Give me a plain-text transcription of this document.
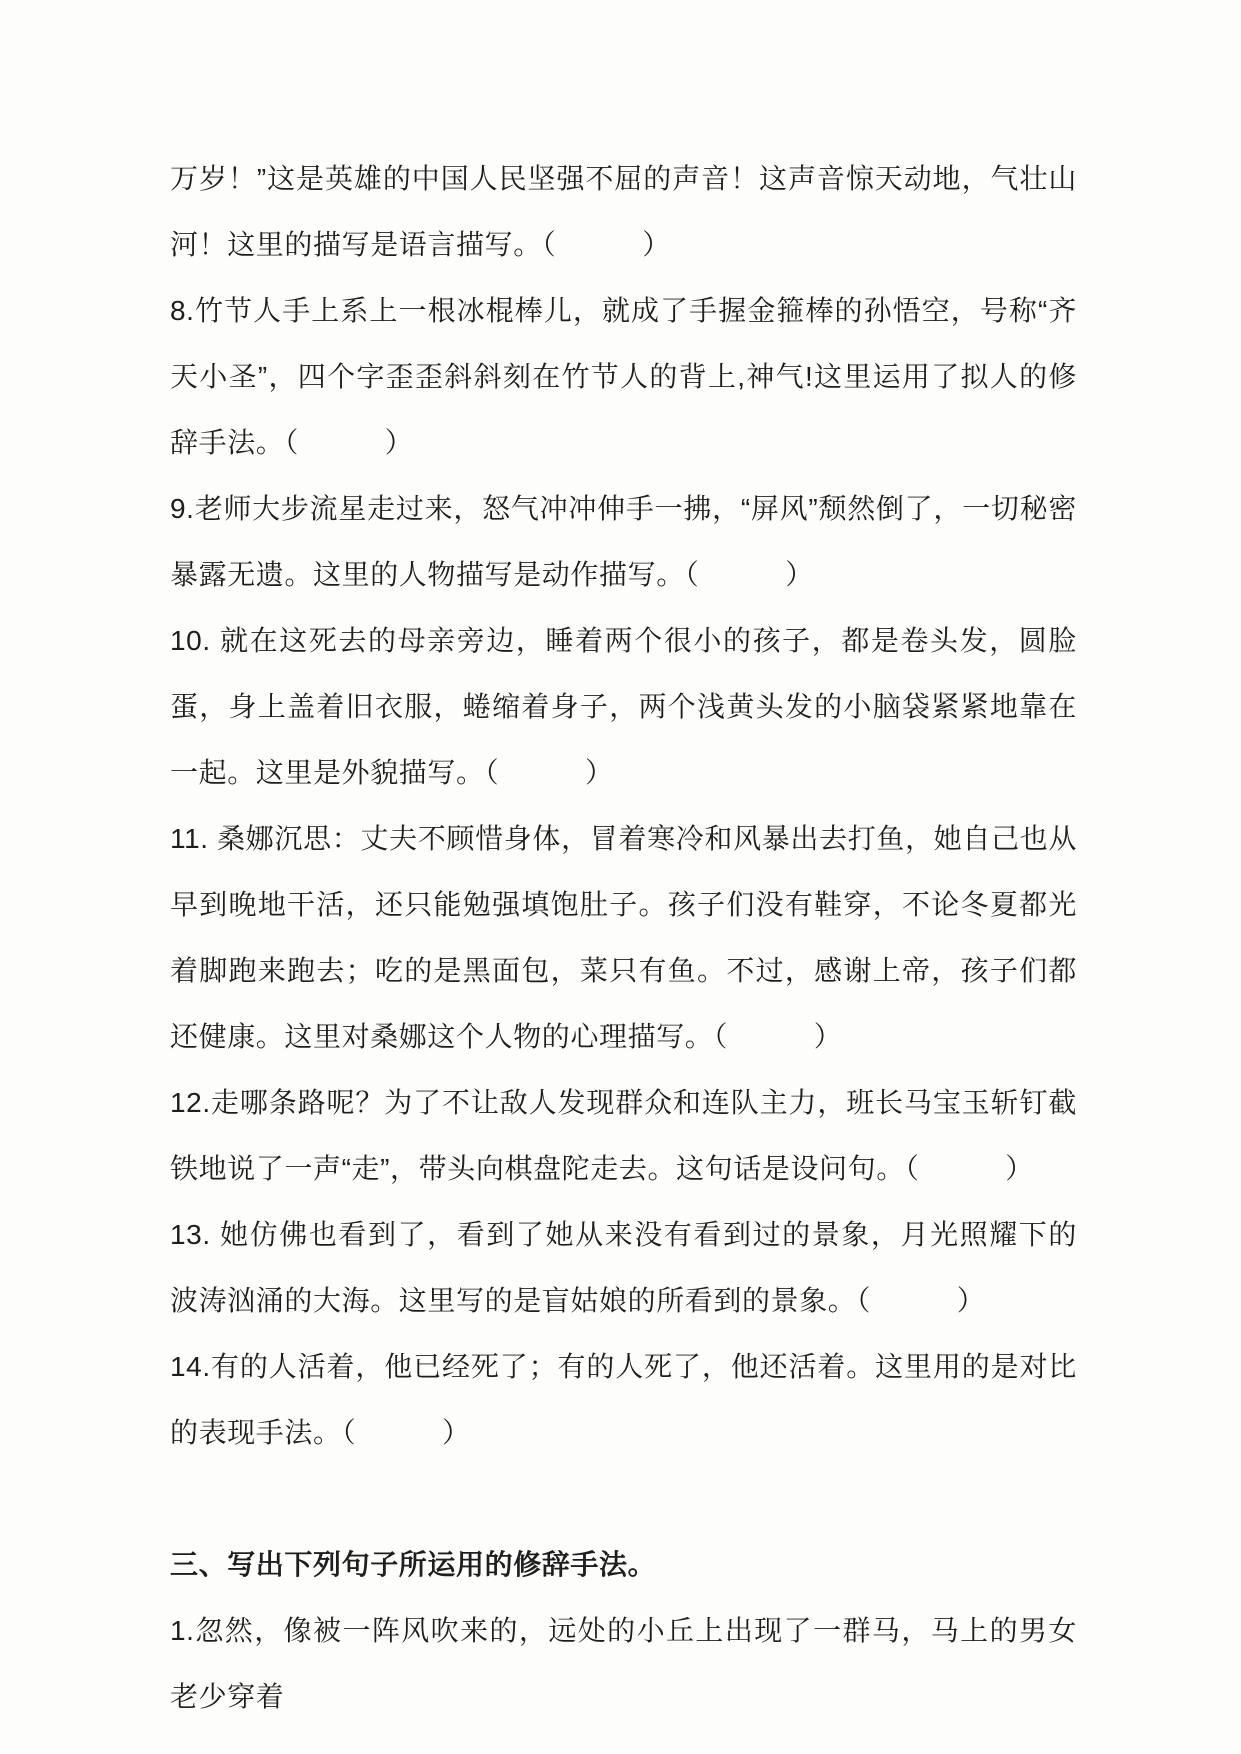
万岁！”这是英雄的中国人民坚强不屈的声音！这声音惊天动地，气壮山河！这里的描写是语言描写。（　　　）

8.竹节人手上系上一根冰棍棒儿，就成了手握金箍棒的孙悟空，号称“齐天小圣”，四个字歪歪斜斜刻在竹节人的背上,神气!这里运用了拟人的修辞手法。（　　　）

9.老师大步流星走过来，怒气冲冲伸手一拂，“屏风”颓然倒了，一切秘密暴露无遗。这里的人物描写是动作描写。（　　　）

10. 就在这死去的母亲旁边，睡着两个很小的孩子，都是卷头发，圆脸蛋，身上盖着旧衣服，蜷缩着身子，两个浅黄头发的小脑袋紧紧地靠在一起。这里是外貌描写。（　　　）

11. 桑娜沉思：丈夫不顾惜身体，冒着寒冷和风暴出去打鱼，她自己也从早到晚地干活，还只能勉强填饱肚子。孩子们没有鞋穿，不论冬夏都光着脚跑来跑去；吃的是黑面包，菜只有鱼。不过，感谢上帝，孩子们都还健康。这里对桑娜这个人物的心理描写。（　　　）

12.走哪条路呢？为了不让敌人发现群众和连队主力，班长马宝玉斩钉截铁地说了一声“走”，带头向棋盘陀走去。这句话是设问句。（　　　）

13. 她仿佛也看到了，看到了她从来没有看到过的景象，月光照耀下的波涛汹涌的大海。这里写的是盲姑娘的所看到的景象。（　　　）

14.有的人活着，他已经死了；有的人死了，他还活着。这里用的是对比的表现手法。（　　　）

三、写出下列句子所运用的修辞手法。

1.忽然，像被一阵风吹来的，远处的小丘上出现了一群马，马上的男女老少穿着
